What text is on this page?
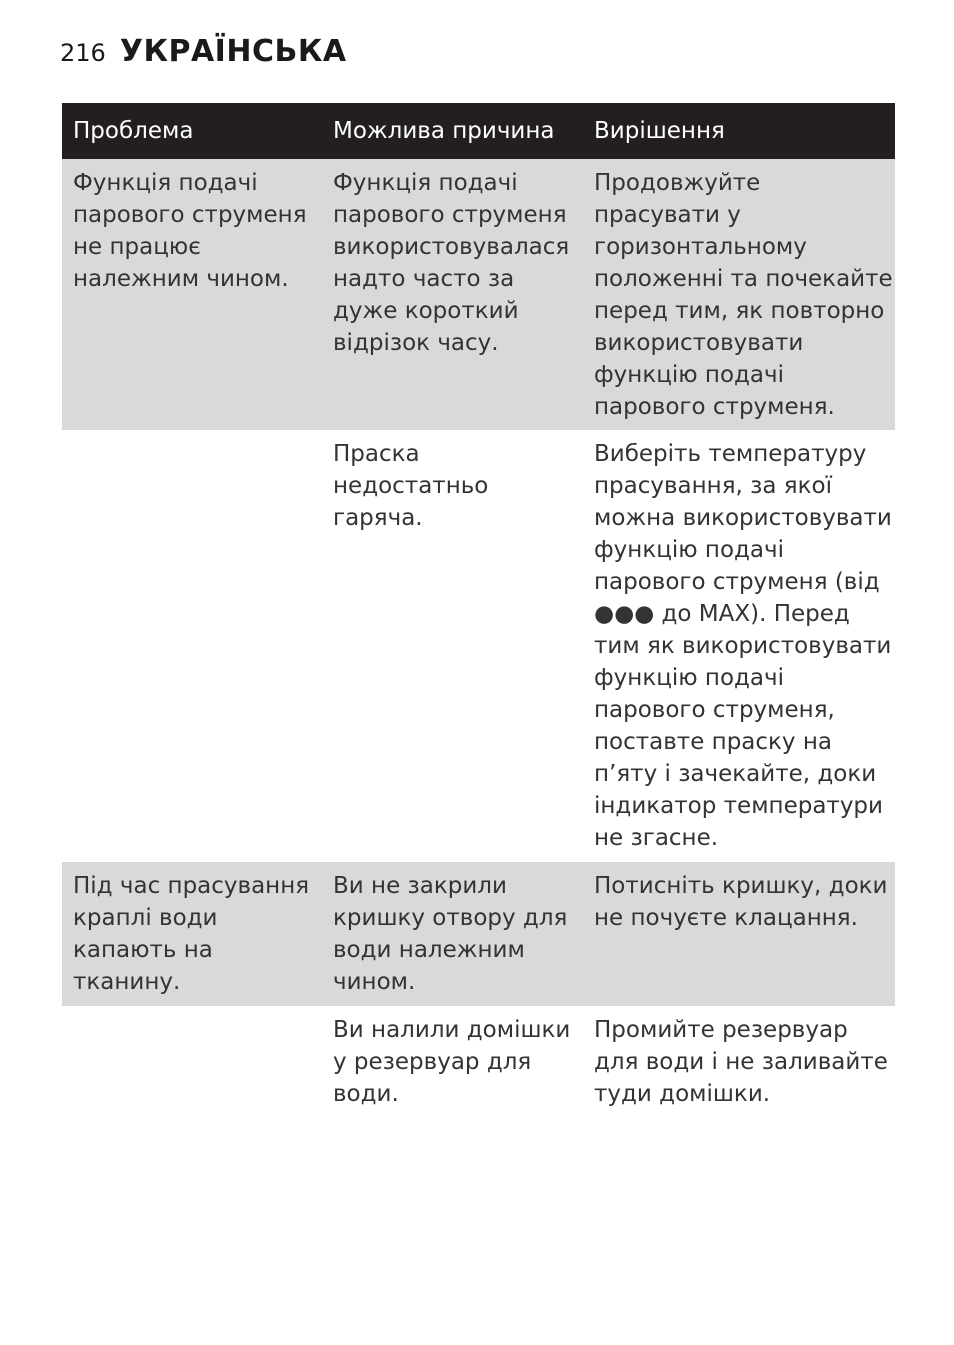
216 УКРАЇНСЬКА
Проблема	Можлива причина	Вирішення
Функція подачі
парового струменя
не працює
належним чином.
Функція подачі
парового струменя
використовувалася
надто часто за
дуже короткий
відрізок часу.
Продовжуйте
прасувати у
горизонтальному
положенні та почекайте
перед тим, як повторно
використовувати
функцію подачі
парового струменя.
Праска
недостатньо
гаряча.
Виберіть температуру
прасування, за якої
можна використовувати
функцію подачі
парового струменя (від
●●● до MAX). Перед
тим як використовувати
функцію подачі
парового струменя,
поставте праску на
п’яту і зачекайте, доки
індикатор температури
не згасне.
Під час прасування
краплі води
капають на
тканину.
Ви не закрили
кришку отвору для
води належним
чином.
Потисніть кришку, доки
не почуєте клацання.
Ви налили домішки
у резервуар для
води.
Промийте резервуар
для води і не заливайте
туди домішки.
